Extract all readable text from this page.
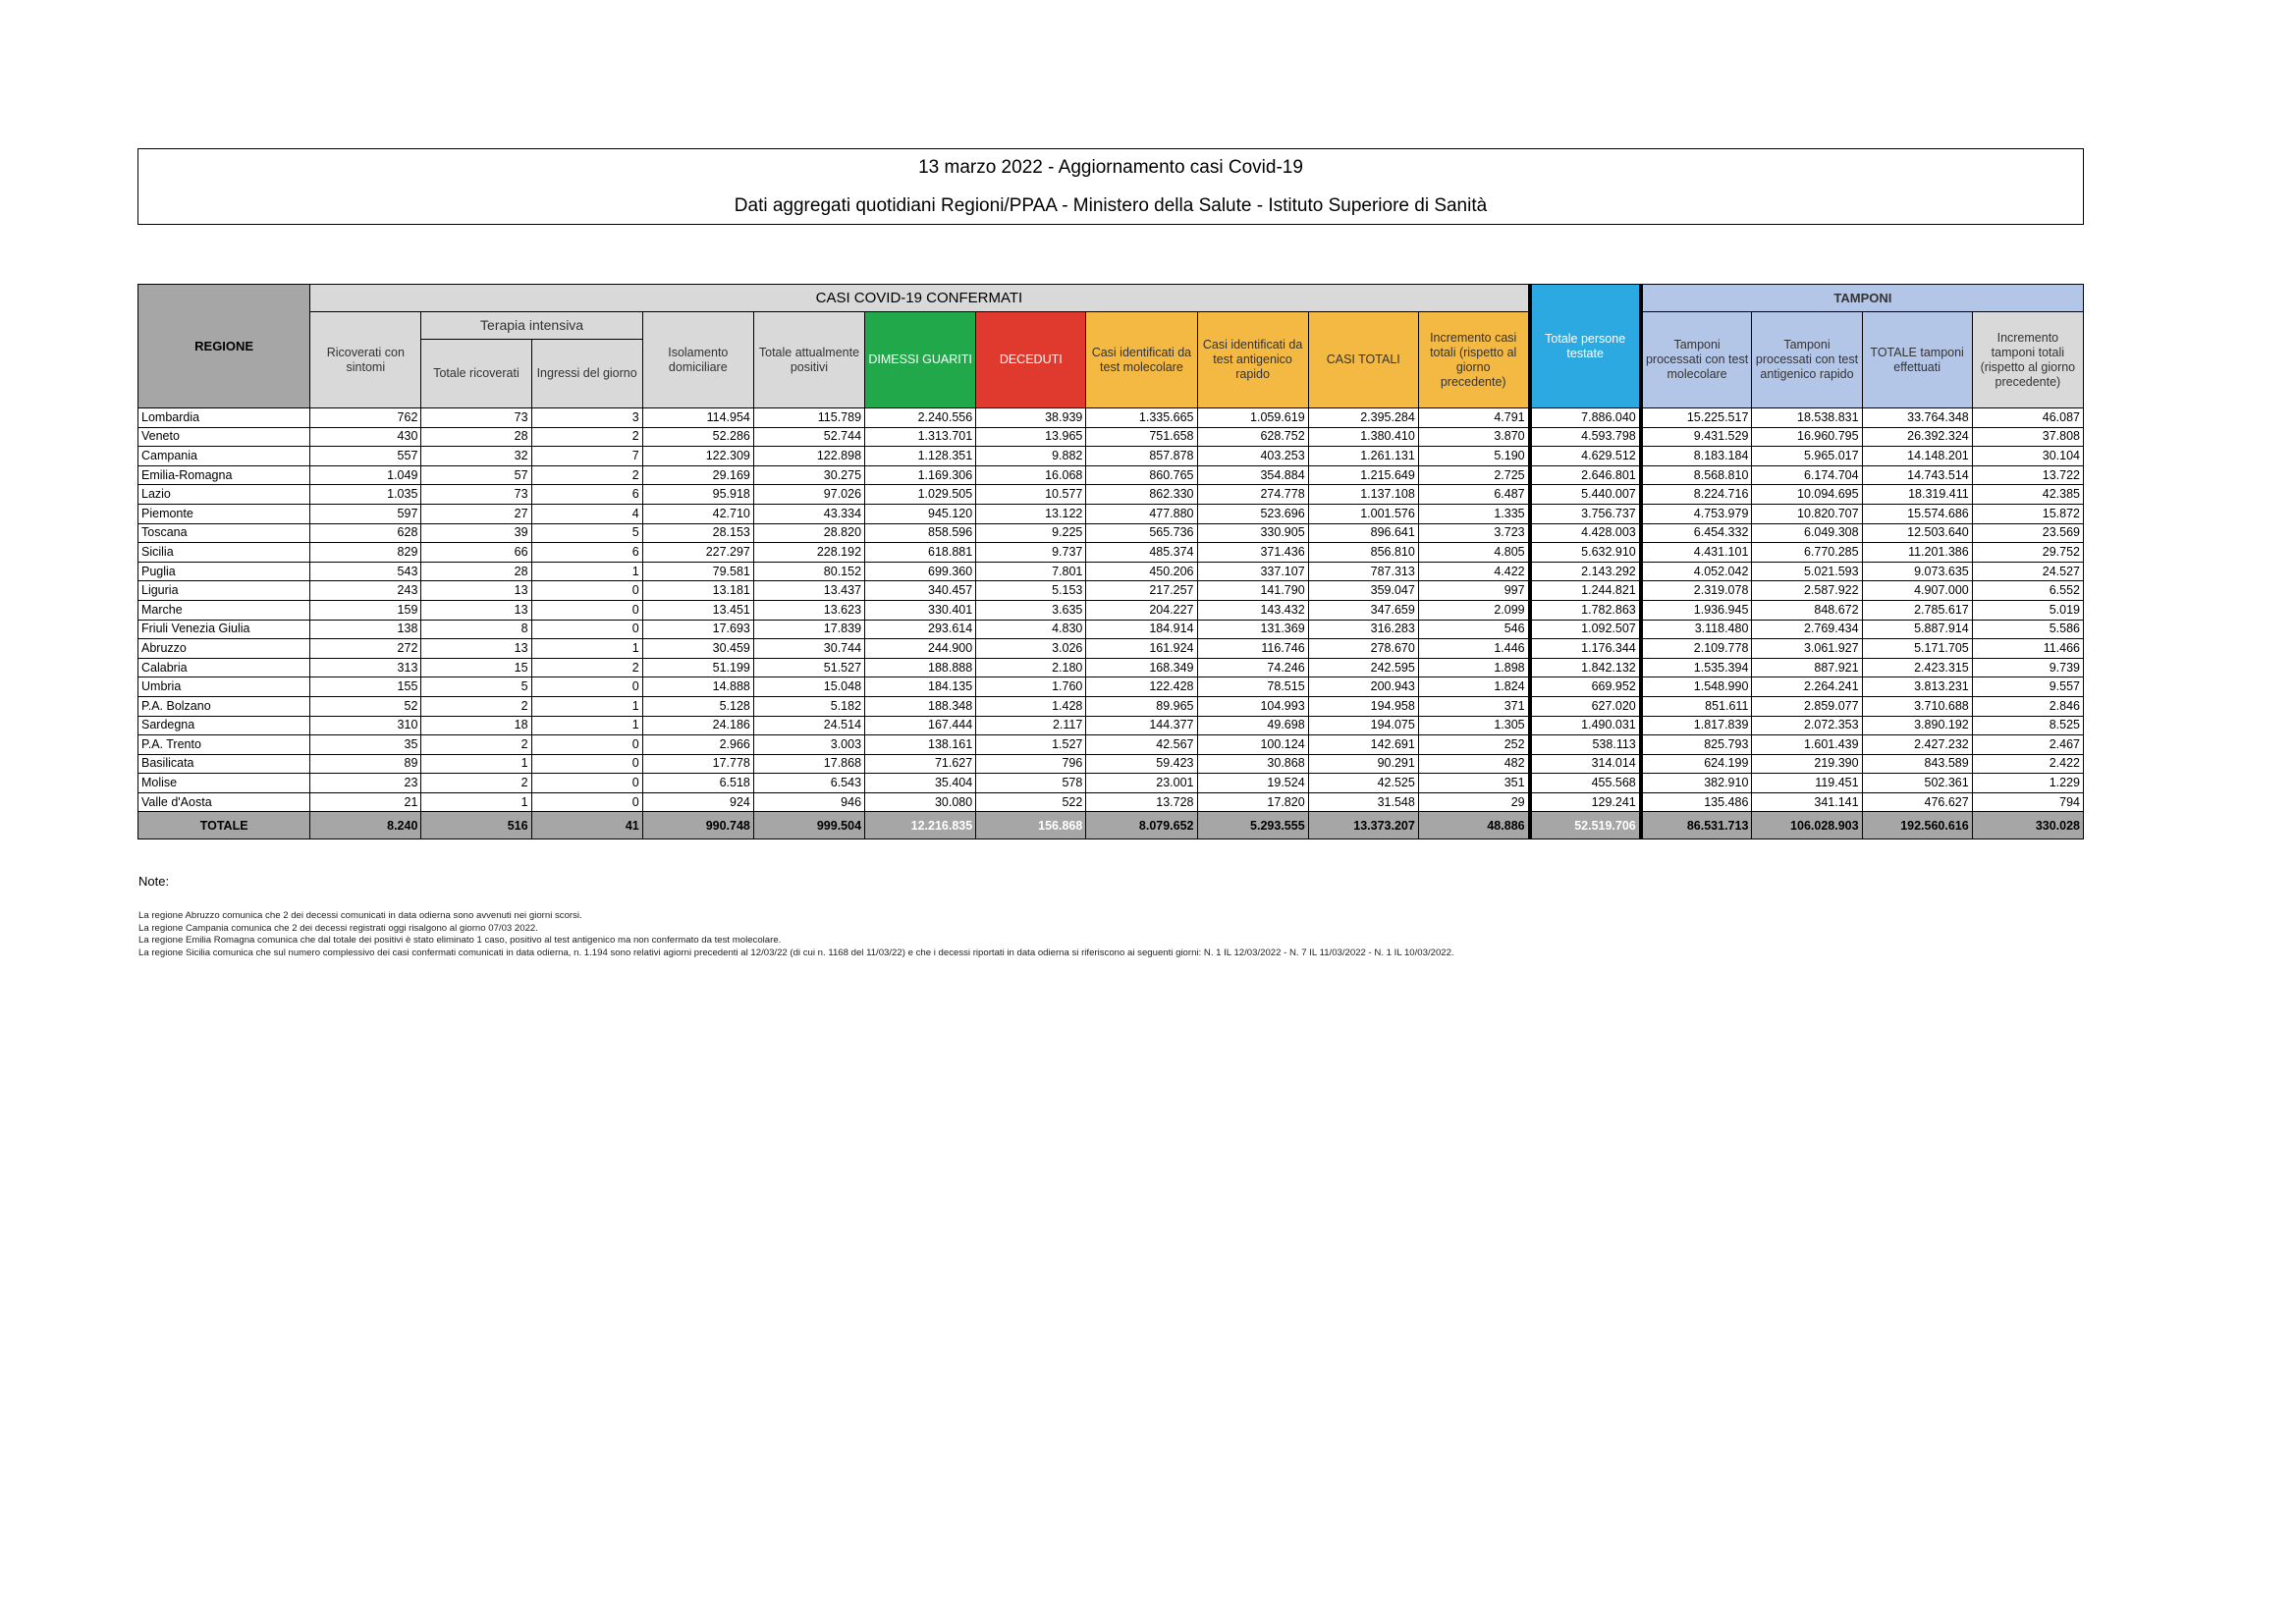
13 marzo 2022 - Aggiornamento casi Covid-19
Dati aggregati quotidiani Regioni/PPAA - Ministero della Salute - Istituto Superiore di Sanità
REGIONE	CASI COVID-19 CONFERMATI											Totale persone testate	TAMPONI			
	Ricoverati con sintomi	Terapia intensiva		Isolamento domiciliare	Totale attualmente positivi	DIMESSI GUARITI	DECEDUTI	Casi identificati da test molecolare	Casi identificati da test antigenico rapido	CASI TOTALI	Incremento casi totali (rispetto al giorno precedente)		Tamponi processati con test molecolare	Tamponi processati con test antigenico rapido	TOTALE tamponi effettuati	Incremento tamponi totali (rispetto al giorno precedente)
		Totale ricoverati	Ingressi del giorno													
Lombardia	762	73	3	114.954	115.789	2.240.556	38.939	1.335.665	1.059.619	2.395.284	4.791	7.886.040	15.225.517	18.538.831	33.764.348	46.087
Veneto	430	28	2	52.286	52.744	1.313.701	13.965	751.658	628.752	1.380.410	3.870	4.593.798	9.431.529	16.960.795	26.392.324	37.808
Campania	557	32	7	122.309	122.898	1.128.351	9.882	857.878	403.253	1.261.131	5.190	4.629.512	8.183.184	5.965.017	14.148.201	30.104
Emilia-Romagna	1.049	57	2	29.169	30.275	1.169.306	16.068	860.765	354.884	1.215.649	2.725	2.646.801	8.568.810	6.174.704	14.743.514	13.722
Lazio	1.035	73	6	95.918	97.026	1.029.505	10.577	862.330	274.778	1.137.108	6.487	5.440.007	8.224.716	10.094.695	18.319.411	42.385
Piemonte	597	27	4	42.710	43.334	945.120	13.122	477.880	523.696	1.001.576	1.335	3.756.737	4.753.979	10.820.707	15.574.686	15.872
Toscana	628	39	5	28.153	28.820	858.596	9.225	565.736	330.905	896.641	3.723	4.428.003	6.454.332	6.049.308	12.503.640	23.569
Sicilia	829	66	6	227.297	228.192	618.881	9.737	485.374	371.436	856.810	4.805	5.632.910	4.431.101	6.770.285	11.201.386	29.752
Puglia	543	28	1	79.581	80.152	699.360	7.801	450.206	337.107	787.313	4.422	2.143.292	4.052.042	5.021.593	9.073.635	24.527
Liguria	243	13	0	13.181	13.437	340.457	5.153	217.257	141.790	359.047	997	1.244.821	2.319.078	2.587.922	4.907.000	6.552
Marche	159	13	0	13.451	13.623	330.401	3.635	204.227	143.432	347.659	2.099	1.782.863	1.936.945	848.672	2.785.617	5.019
Friuli Venezia Giulia	138	8	0	17.693	17.839	293.614	4.830	184.914	131.369	316.283	546	1.092.507	3.118.480	2.769.434	5.887.914	5.586
Abruzzo	272	13	1	30.459	30.744	244.900	3.026	161.924	116.746	278.670	1.446	1.176.344	2.109.778	3.061.927	5.171.705	11.466
Calabria	313	15	2	51.199	51.527	188.888	2.180	168.349	74.246	242.595	1.898	1.842.132	1.535.394	887.921	2.423.315	9.739
Umbria	155	5	0	14.888	15.048	184.135	1.760	122.428	78.515	200.943	1.824	669.952	1.548.990	2.264.241	3.813.231	9.557
P.A. Bolzano	52	2	1	5.128	5.182	188.348	1.428	89.965	104.993	194.958	371	627.020	851.611	2.859.077	3.710.688	2.846
Sardegna	310	18	1	24.186	24.514	167.444	2.117	144.377	49.698	194.075	1.305	1.490.031	1.817.839	2.072.353	3.890.192	8.525
P.A. Trento	35	2	0	2.966	3.003	138.161	1.527	42.567	100.124	142.691	252	538.113	825.793	1.601.439	2.427.232	2.467
Basilicata	89	1	0	17.778	17.868	71.627	796	59.423	30.868	90.291	482	314.014	624.199	219.390	843.589	2.422
Molise	23	2	0	6.518	6.543	35.404	578	23.001	19.524	42.525	351	455.568	382.910	119.451	502.361	1.229
Valle d'Aosta	21	1	0	924	946	30.080	522	13.728	17.820	31.548	29	129.241	135.486	341.141	476.627	794
TOTALE	8.240	516	41	990.748	999.504	12.216.835	156.868	8.079.652	5.293.555	13.373.207	48.886	52.519.706	86.531.713	106.028.903	192.560.616	330.028
Note:
La regione Abruzzo comunica che 2 dei decessi comunicati in data odierna sono avvenuti nei giorni scorsi.
La regione Campania comunica che 2 dei decessi registrati oggi risalgono al giorno 07/03 2022.
La regione Emilia Romagna comunica che dal totale dei positivi è stato eliminato 1 caso, positivo al test antigenico ma non confermato da test molecolare.
La regione Sicilia comunica che sul numero complessivo dei casi confermati comunicati in data odierna, n. 1.194 sono relativi agiorni precedenti al 12/03/22 (di cui n. 1168 del 11/03/22) e che i decessi riportati in data odierna si riferiscono ai seguenti giorni: N. 1 IL 12/03/2022 - N. 7 IL 11/03/2022 - N. 1 IL 10/03/2022.
